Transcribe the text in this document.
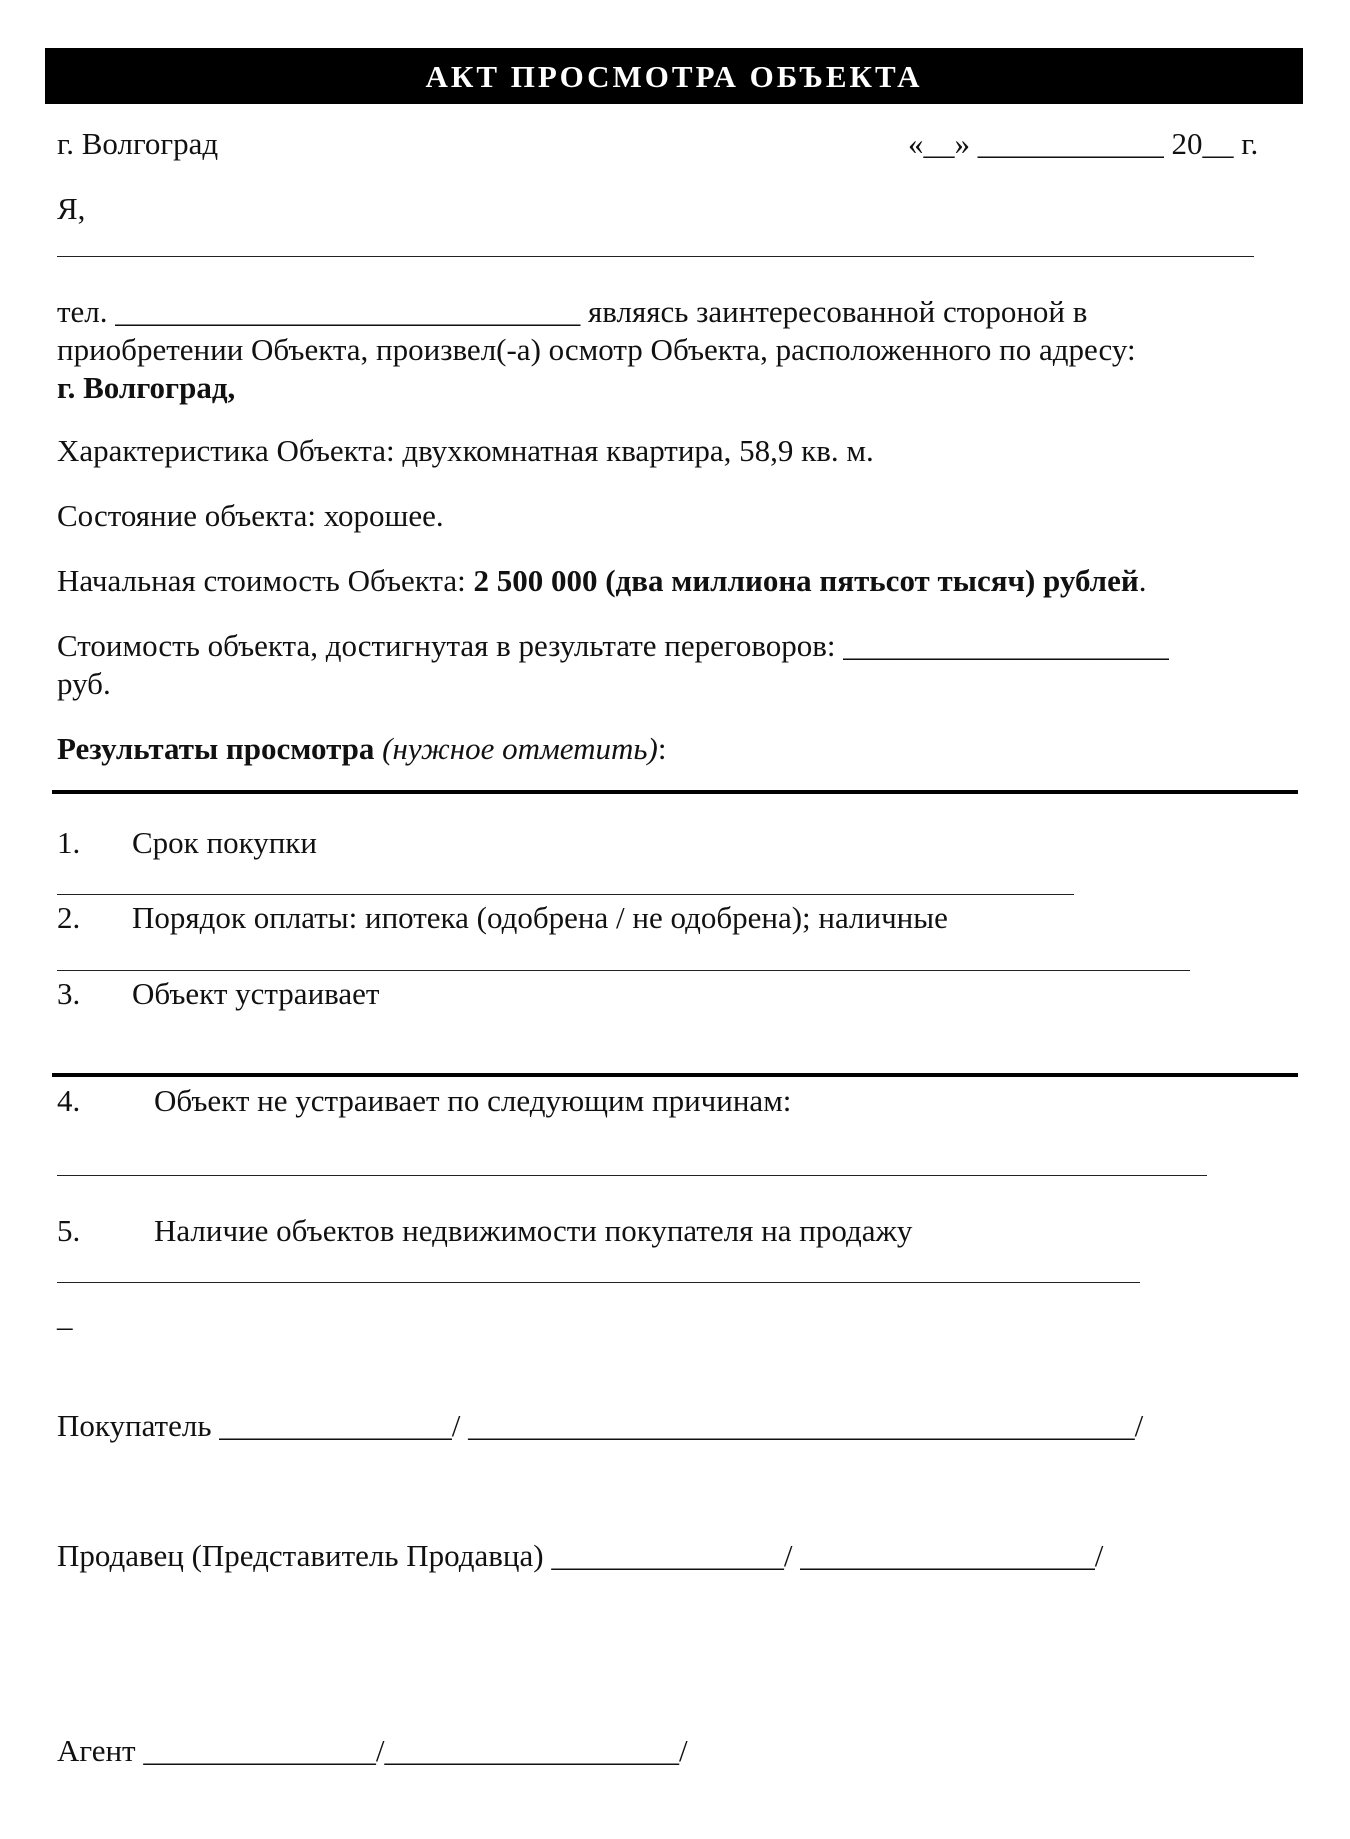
АКТ ПРОСМОТРА ОБЪЕКТА
г. Волгоград	«__» ____________ 20__ г.
Я,
тел. ______________________________ являясь заинтересованной стороной в
приобретении Объекта, произвел(-а) осмотр Объекта, расположенного по адресу:
г. Волгоград,
Характеристика Объекта: двухкомнатная квартира, 58,9 кв. м.
Состояние объекта: хорошее.
Начальная стоимость Объекта: 2 500 000 (два миллиона пятьсот тысяч) рублей.
Стоимость объекта, достигнутая в результате переговоров: _____________________
руб.
Результаты просмотра (нужное отметить):
1. Срок покупки
2. Порядок оплаты: ипотека (одобрена / не одобрена); наличные
3. Объект устраивает
4. Объект не устраивает по следующим причинам:
5. Наличие объектов недвижимости покупателя на продажу
_
Покупатель _______________/ ___________________________________________/
Продавец (Представитель Продавца) _______________/ ___________________/
Агент _______________/___________________/
